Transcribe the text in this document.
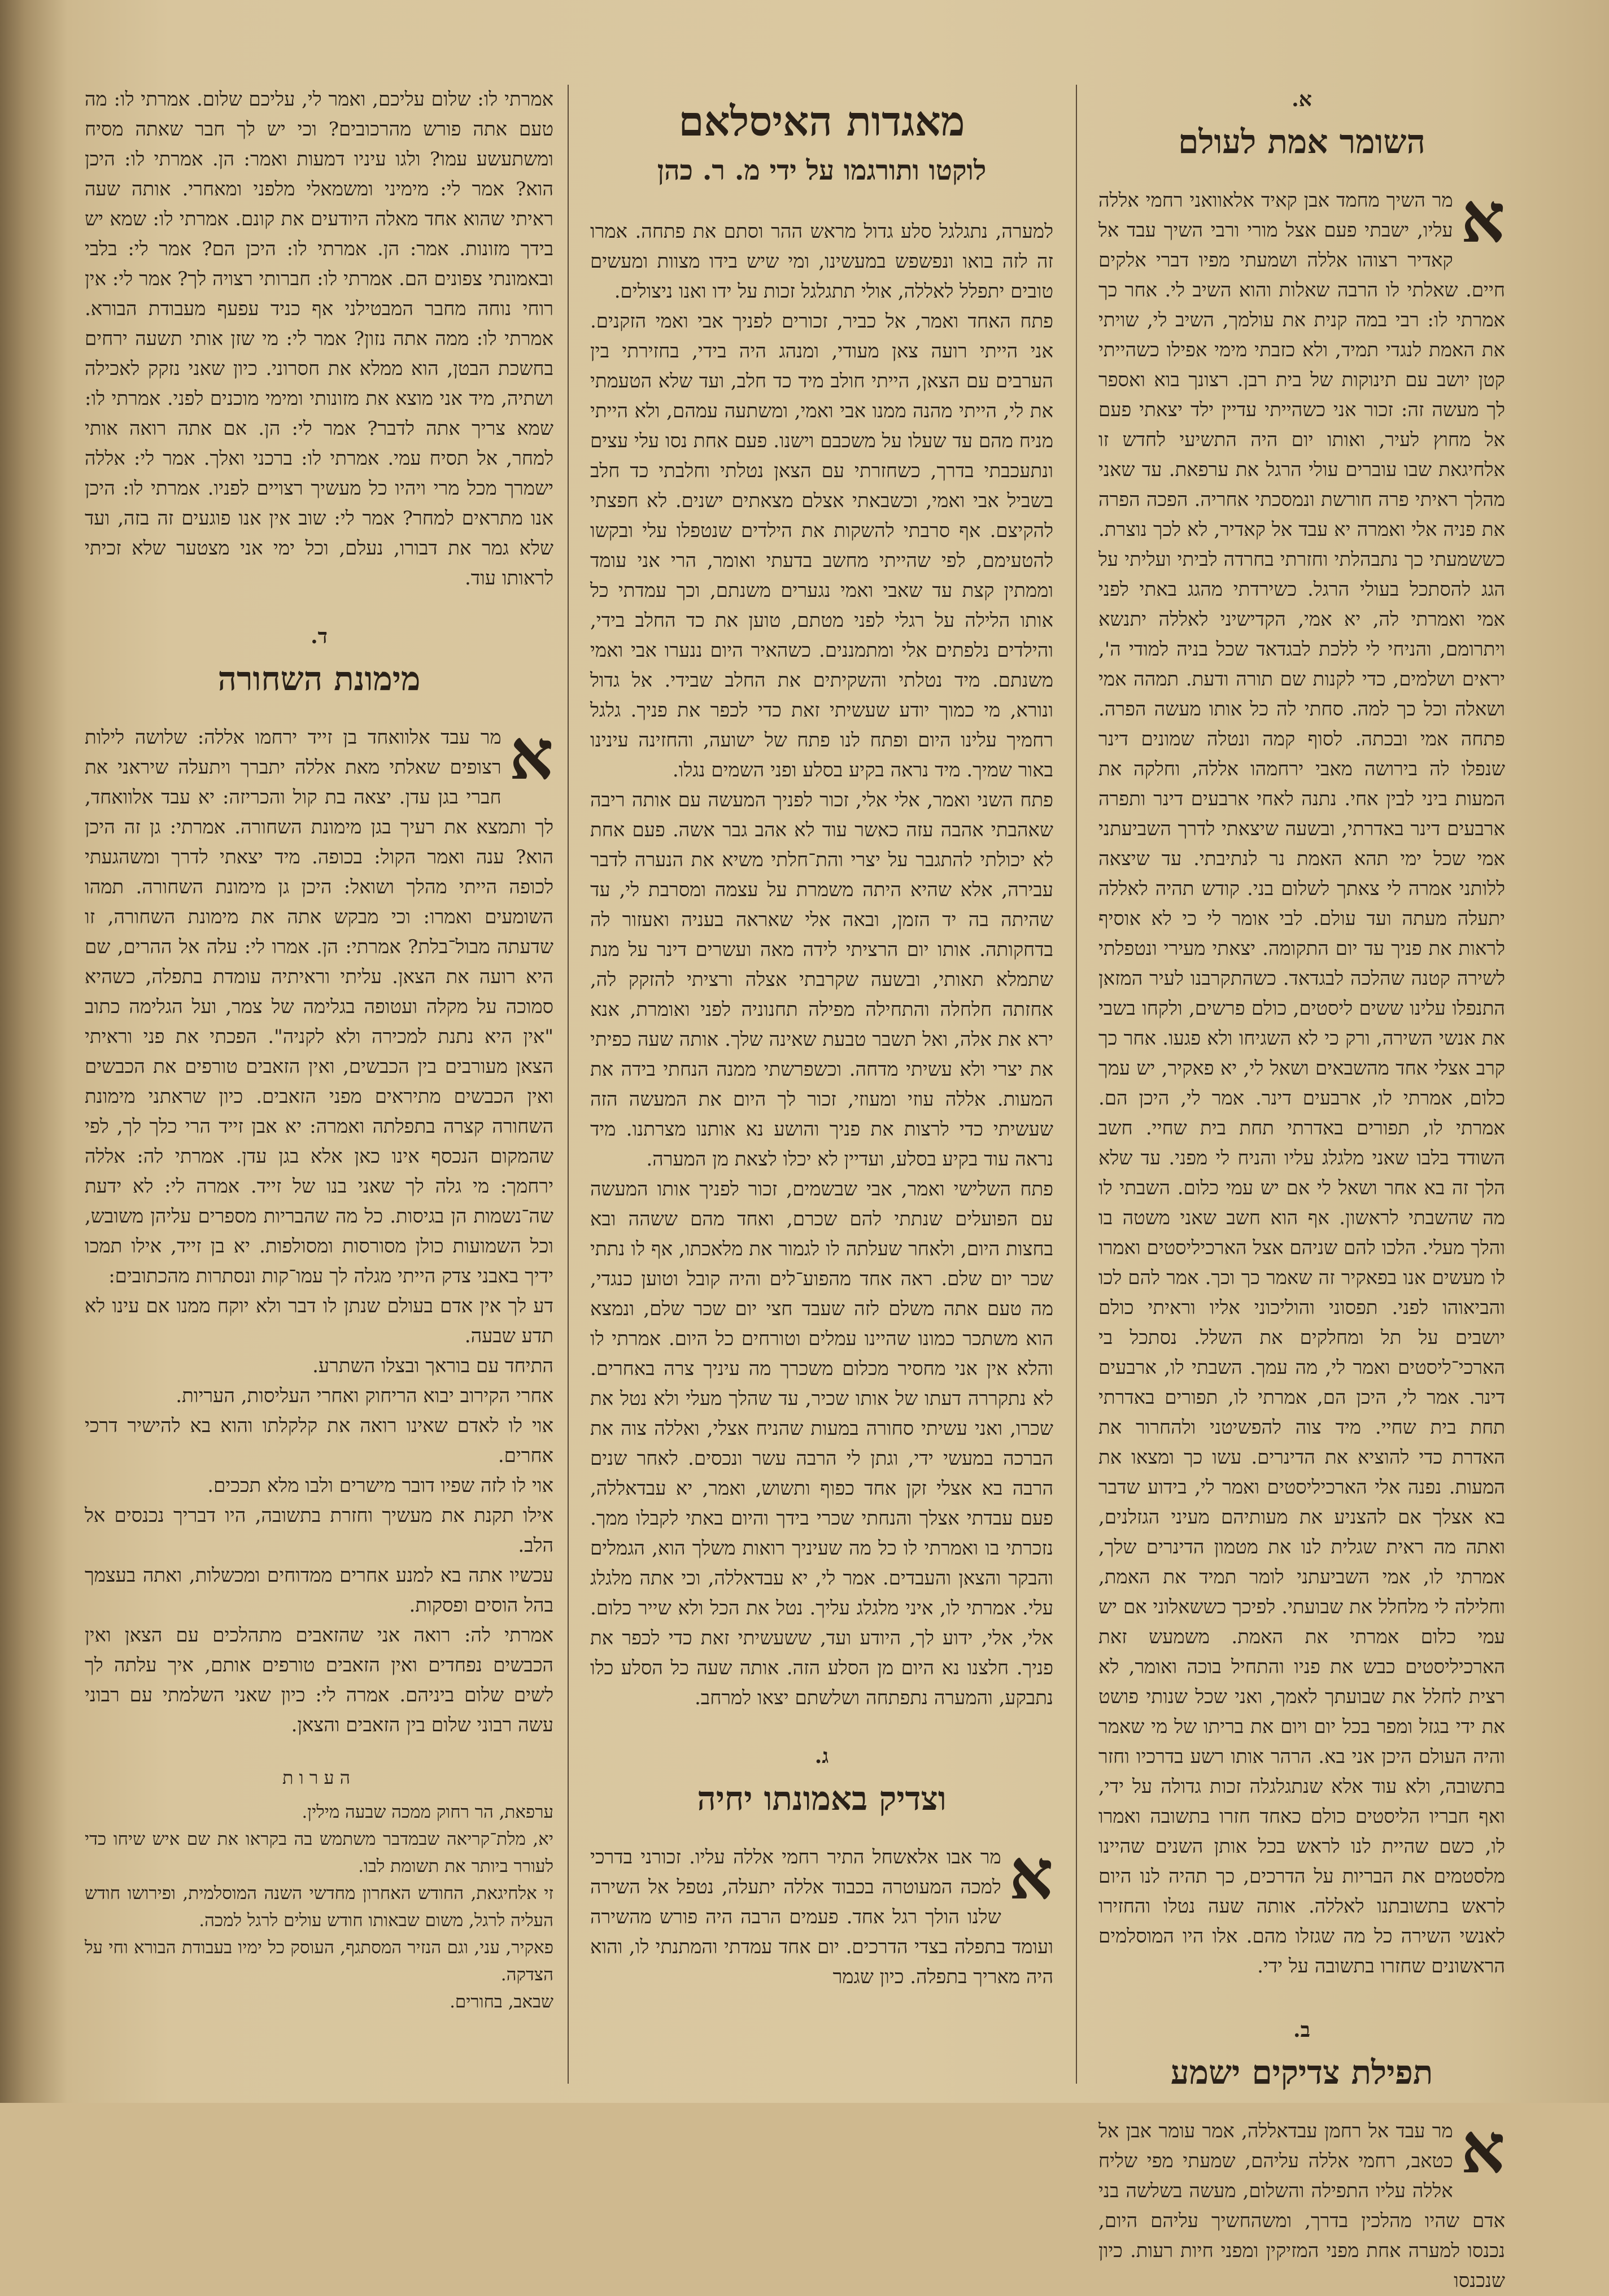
א.
השומר אמת לעולם

א
מר השיך מחמד אבן קאיד אלאוואני רחמי אללה עליו, ישבתי פעם אצל מורי ורבי השיך עבד אל קאדיר רצוהו אללה ושמעתי מפיו דברי אלקים חיים. שאלתי לו הרבה שאלות והוא השיב לי. אחר כך אמרתי לו: רבי במה קנית את עולמך, השיב לי, שויתי את האמת לנגדי תמיד, ולא כזבתי מימי אפילו כשהייתי קטן יושב עם תינוקות של בית רבן. רצונך בוא ואספר לך מעשה זה: זכור אני כשהייתי עדיין ילד יצאתי פעם אל מחוץ לעיר, ואותו יום היה התשיעי לחדש זו אלחיגאת שבו עוברים עולי הרגל את ערפאת. עד שאני מהלך ראיתי פרה חורשת ונמסכתי אחריה. הפכה הפרה את פניה אלי ואמרה יא עבד אל קאדיר, לא לכך נוצרת. כששמעתי כך נתבהלתי וחזרתי בחרדה לביתי ועליתי על הגג להסתכל בעולי הרגל. כשירדתי מהגג באתי לפני אמי ואמרתי לה, יא אמי, הקדישיני לאללה יתנשא ויתרומם, והניחי לי ללכת לבגדאד שכל בניה למודי ה', יראים ושלמים, כדי לקנות שם תורה ודעת. תמהה אמי ושאלה וכל כך למה. סחתי לה כל אותו מעשה הפרה. פתחה אמי ובכתה. לסוף קמה ונטלה שמונים דינר שנפלו לה בירושה מאבי ירחמהו אללה, וחלקה את המעות ביני לבין אחי. נתנה לאחי ארבעים דינר ותפרה ארבעים דינר באדרתי, ובשעה שיצאתי לדרך השביעתני אמי שכל ימי תהא האמת נר לנתיבתי. עד שיצאה ללותני אמרה לי צאתך לשלום בני. קודש תהיה לאללה יתעלה מעתה ועד עולם. לבי אומר לי כי לא אוסיף לראות את פניך עד יום התקומה. יצאתי מעירי ונטפלתי לשירה קטנה שהלכה לבגדאד. כשהתקרבנו לעיר המזאן התנפלו עלינו ששים ליסטים, כולם פרשים, ולקחו בשבי את אנשי השירה, ורק כי לא השגיחו ולא פגעו. אחר כך קרב אצלי אחד מהשבאים ושאל לי, יא פאקיר, יש עמך כלום, אמרתי לו, ארבעים דינר. אמר לי, היכן הם. אמרתי לו, תפורים באדרתי תחת בית שחיי. חשב השודד בלבו שאני מלגלג עליו והניח לי מפני. עד שלא הלך זה בא אחר ושאל לי אם יש עמי כלום. השבתי לו מה שהשבתי לראשון. אף הוא חשב שאני משטה בו והלך מעלי. הלכו להם שניהם אצל הארכיליסטים ואמרו לו מעשים אנו בפאקיר זה שאמר כך וכך. אמר להם לכו והביאוהו לפני. תפסוני והוליכוני אליו וראיתי כולם יושבים על תל ומחלקים את השלל. נסתכל בי הארכי־ליסטים ואמר לי, מה עמך. השבתי לו, ארבעים דינר. אמר לי, היכן הם, אמרתי לו, תפורים באדרתי תחת בית שחיי. מיד צוה להפשיטני ולהחרור את האדרת כדי להוציא את הדינרים. עשו כך ומצאו את המעות. נפנה אלי הארכיליסטים ואמר לי, בידוע שדבר בא אצלך אם להצניע את מעותיהם מעיני הגזלנים, ואתה מה ראית שגלית לנו את מטמון הדינרים שלך, אמרתי לו, אמי השביעתני לומר תמיד את האמת, וחלילה לי מלחלל את שבועתי. לפיכך כששאלוני אם יש עמי כלום אמרתי את האמת. משמעש זאת הארכיליסטים כבש את פניו והתחיל בוכה ואומר, לא רצית לחלל את שבועתך לאמך, ואני שכל שנותי פושט את ידי בגזל ומפר בכל יום ויום את בריתו של מי שאמר והיה העולם היכן אני בא. הרהר אותו רשע בדרכיו וחזר בתשובה, ולא עוד אלא שנתגלגלה זכות גדולה על ידי, ואף חבריו הליסטים כולם כאחד חזרו בתשובה ואמרו לו, כשם שהיית לנו לראש בכל אותן השנים שהיינו מלסטמים את הבריות על הדרכים, כך תהיה לנו היום לראש בתשובתנו לאללה. אותה שעה נטלו והחזירו לאנשי השירה כל מה שגזלו מהם. אלו היו המוסלמים הראשונים שחזרו בתשובה על ידי.

ב.
תפילת צדיקים ישמע

א
מר עבד אל רחמן עבדאללה, אמר עומר אבן אל כטאב, רחמי אללה עליהם, שמעתי מפי שליח אללה עליו התפילה והשלום, מעשה בשלשה בני אדם שהיו מהלכין בדרך, ומשהחשיך עליהם היום, נכנסו למערה אחת מפני המזיקין ומפני חיות רעות. כיון שנכנסו

מאגדות האיסלאם
לוקטו ותורגמו על ידי מ. ר. כהן

למערה, נתגלגל סלע גדול מראש ההר וסתם את פתחה. אמרו זה לזה בואו ונפשפש במעשינו, ומי שיש בידו מצוות ומעשים טובים יתפלל לאללה, אולי תתגלגל זכות על ידו ואנו ניצולים.

פתח האחד ואמר, אל כביר, זכורים לפניך אבי ואמי הזקנים. אני הייתי רועה צאן מעודי, ומנהג היה בידי, בחזירתי בין הערבים עם הצאן, הייתי חולב מיד כד חלב, ועד שלא הטעמתי את לי, הייתי מהנה ממנו אבי ואמי, ומשתעה עמהם, ולא הייתי מניח מהם עד שעלו על משכבם וישנו. פעם אחת נסו עלי עצים ונתעכבתי בדרך, כשחזרתי עם הצאן נטלתי וחלבתי כד חלב בשביל אבי ואמי, וכשבאתי אצלם מצאתים ישנים. לא חפצתי להקיצם. אף סרבתי להשקות את הילדים שנטפלו עלי ובקשו להטעימם, לפי שהייתי מחשב בדעתי ואומר, הרי אני עומד וממתין קצת עד שאבי ואמי נגערים משנתם, וכך עמדתי כל אותו הלילה על רגלי לפני מטתם, טוען את כד החלב בידי, והילדים נלפתים אלי ומתמננים. כשהאיר היום ננערו אבי ואמי משנתם. מיד נטלתי והשקיתים את החלב שבידי. אל גדול ונורא, מי כמוך יודע שעשיתי זאת כדי לכפר את פניך. גלגל רחמיך עלינו היום ופתח לנו פתח של ישועה, והחזינה עינינו באור שמיך. מיד נראה בקיע בסלע ופני השמים נגלו.

פתח השני ואמר, אלי אלי, זכור לפניך המעשה עם אותה ריבה שאהבתי אהבה עזה כאשר עוד לא אהב גבר אשה. פעם אחת לא יכולתי להתגבר על יצרי והת־חלתי משיא את הנערה לדבר עבירה, אלא שהיא היתה משמרת על עצמה ומסרבת לי, עד שהיתה בה יד הזמן, ובאה אלי שאראה בעניה ואעזור לה בדחקותה. אותו יום הרציתי לידה מאה ועשרים דינר על מנת שתמלא תאותי, ובשעה שקרבתי אצלה ורציתי להזקק לה, אחזתה חלחלה והתחילה מפילה תחנוניה לפני ואומרת, אנא ירא את אלה, ואל תשבר טבעת שאינה שלך. אותה שעה כפיתי את יצרי ולא עשיתי מדחה. וכשפרשתי ממנה הנחתי בידה את המעות. אללה עוזי ומעוזי, זכור לך היום את המעשה הזה שעשיתי כדי לרצות את פניך והושע נא אותנו מצרתנו. מיד נראה עוד בקיע בסלע, ועדיין לא יכלו לצאת מן המערה.

פתח השלישי ואמר, אבי שבשמים, זכור לפניך אותו המעשה עם הפועלים שנתתי להם שכרם, ואחד מהם ששהה ובא בחצות היום, ולאחר שעלתה לו לגמור את מלאכתו, אף לו נתתי שכר יום שלם. ראה אחד מהפוע־לים והיה קובל וטוען כנגדי, מה טעם אתה משלם לזה שעבד חצי יום שכר שלם, ונמצא הוא משתכר כמונו שהיינו עמלים וטורחים כל היום. אמרתי לו והלא אין אני מחסיר מכלום משכרך מה עיניך צרה באחרים. לא נתקררה דעתו של אותו שכיר, עד שהלך מעלי ולא נטל את שכרו, ואני עשיתי סחורה במעות שהניח אצלי, ואללה צוה את הברכה במעשי ידי, וגתן לי הרבה עשר ונכסים. לאחר שנים הרבה בא אצלי זקן אחד כפוף ותשוש, ואמר, יא עבדאללה, פעם עבדתי אצלך והנחתי שכרי בידך והיום באתי לקבלו ממך. נזכרתי בו ואמרתי לו כל מה שעיניך רואות משלך הוא, הגמלים והבקר והצאן והעבדים. אמר לי, יא עבדאללה, וכי אתה מלגלג עלי. אמרתי לו, איני מלגלג עליך. נטל את הכל ולא שייר כלום. אלי, אלי, ידוע לך, היודע ועד, ששעשיתי זאת כדי לכפר את פניך. חלצנו נא היום מן הסלע הזה. אותה שעה כל הסלע כלו נתבקע, והמערה נתפתחה ושלשתם יצאו למרחב.

ג.
וצדיק באמונתו יחיה

א
מר אבו אלאשחל התיר רחמי אללה עליו. זכורני בדרכי למכה המעוטרה בכבוד אללה יתעלה, נטפל אל השירה שלנו הולך רגל אחד. פעמים הרבה היה פורש מהשירה ועומד בתפלה בצדי הדרכים. יום אחד עמדתי והמתנתי לו, והוא היה מאריך בתפלה. כיון שגמר

אמרתי לו: שלום עליכם, ואמר לי, עליכם שלום. אמרתי לו: מה טעם אתה פורש מהרכובים? וכי יש לך חבר שאתה מסיח ומשתעשע עמו? ולגו עיניו דמעות ואמר: הן. אמרתי לו: היכן הוא? אמר לי: מימיני ומשמאלי מלפני ומאחרי. אותה שעה ראיתי שהוא אחד מאלה היודעים את קונם. אמרתי לו: שמא יש בידך מזונות. אמר: הן. אמרתי לו: היכן הם? אמר לי: בלבי ובאמונתי צפונים הם. אמרתי לו: חברותי רצויה לך? אמר לי: אין רוחי נוחה מחבר המבטילני אף כניד עפעף מעבודת הבורא. אמרתי לו: ממה אתה נזון? אמר לי: מי שזן אותי תשעה ירחים בחשכת הבטן, הוא ממלא את חסרוני. כיון שאני נזקק לאכילה ושתיה, מיד אני מוצא את מזונותי ומימי מוכנים לפני. אמרתי לו: שמא צריך אתה לדבר? אמר לי: הן. אם אתה רואה אותי למחר, אל תסיח עמי. אמרתי לו: ברכני ואלך. אמר לי: אללה ישמרך מכל מרי ויהיו כל מעשיך רצויים לפניו. אמרתי לו: היכן אנו מתראים למחר? אמר לי: שוב אין אנו פוגעים זה בזה, ועד שלא גמר את דבורו, נעלם, וכל ימי אני מצטער שלא זכיתי לראותו עוד.

ד.
מימונת השחורה

א
מר עבד אלוואחד בן זייד ירחמו אללה: שלושה לילות רצופים שאלתי מאת אללה יתברך ויתעלה שיראני את חברי בגן עדן. יצאה בת קול והכריזה: יא עבד אלוואחד, לך ותמצא את רעיך בגן מימונת השחורה. אמרתי: גן זה היכן הוא? ענה ואמר הקול: בכופה. מיד יצאתי לדרך ומשהגעתי לכופה הייתי מהלך ושואל: היכן גן מימונת השחורה. תמהו השומעים ואמרו: וכי מבקש אתה את מימונת השחורה, זו שדעתה מבול־בלת? אמרתי: הן. אמרו לי: עלה אל ההרים, שם היא רועה את הצאן. עליתי וראיתיה עומדת בתפלה, כשהיא סמוכה על מקלה ועטופה בגלימה של צמר, ועל הגלימה כתוב "אין היא נתנת למכירה ולא לקניה". הפכתי את פני וראיתי הצאן מעורבים בין הכבשים, ואין הזאבים טורפים את הכבשים ואין הכבשים מתיראים מפני הזאבים. כיון שראתני מימונת השחורה קצרה בתפלתה ואמרה: יא אבן זייד הרי כלך לך, לפי שהמקום הנכסף אינו כאן אלא בגן עדן. אמרתי לה: אללה ירחמך: מי גלה לך שאני בנו של זייד. אמרה לי: לא ידעת שה־נשמות הן בגיסות. כל מה שהבריות מספרים עליהן משובש, וכל השמועות כולן מסורסות ומסולפות. יא בן זייד, אילו תמכו ידיך באבני צדק הייתי מגלה לך עמו־קות ונסתרות מהכתובים:

דע לך אין אדם בעולם שנתן לו דבר ולא יוקח ממנו אם עינו לא תדע שבעה.

התיחד עם בוראך ובצלו השתרע.

אחרי הקירוב יבוא הריחוק ואחרי העליסות, העריות.

אוי לו לאדם שאינו רואה את קלקלתו והוא בא להישיר דרכי אחרים.

אוי לו לזה שפיו דובר מישרים ולבו מלא תככים.

אילו תקנת את מעשיך וחזרת בתשובה, היו דבריך נכנסים אל הלב.

עכשיו אתה בא למנע אחרים ממדוחים ומכשלות, ואתה בעצמך בהל הוסים ופסקות.

אמרתי לה: רואה אני שהזאבים מתהלכים עם הצאן ואין הכבשים נפחדים ואין הזאבים טורפים אותם, איך עלתה לך לשים שלום ביניהם. אמרה לי: כיון שאני השלמתי עם רבוני עשה רבוני שלום בין הזאבים והצאן.

הערות

ערפאת, הר רחוק ממכה שבעה מילין.

יא, מלת־קריאה שבמדבר משתמש בה בקראו את שם איש שיחו כדי לעורר ביותר את תשומת לבו.

זי אלחיגאת, החודש האחרון מחדשי השנה המוסלמית, ופירושו חודש העליה לרגל, משום שבאותו חודש עולים לרגל למכה.

פאקיר, עני, וגם הנזיר המסתגף, העוסק כל ימיו בעבודת הבורא וחי על הצדקה.

שבאב, בחורים.
